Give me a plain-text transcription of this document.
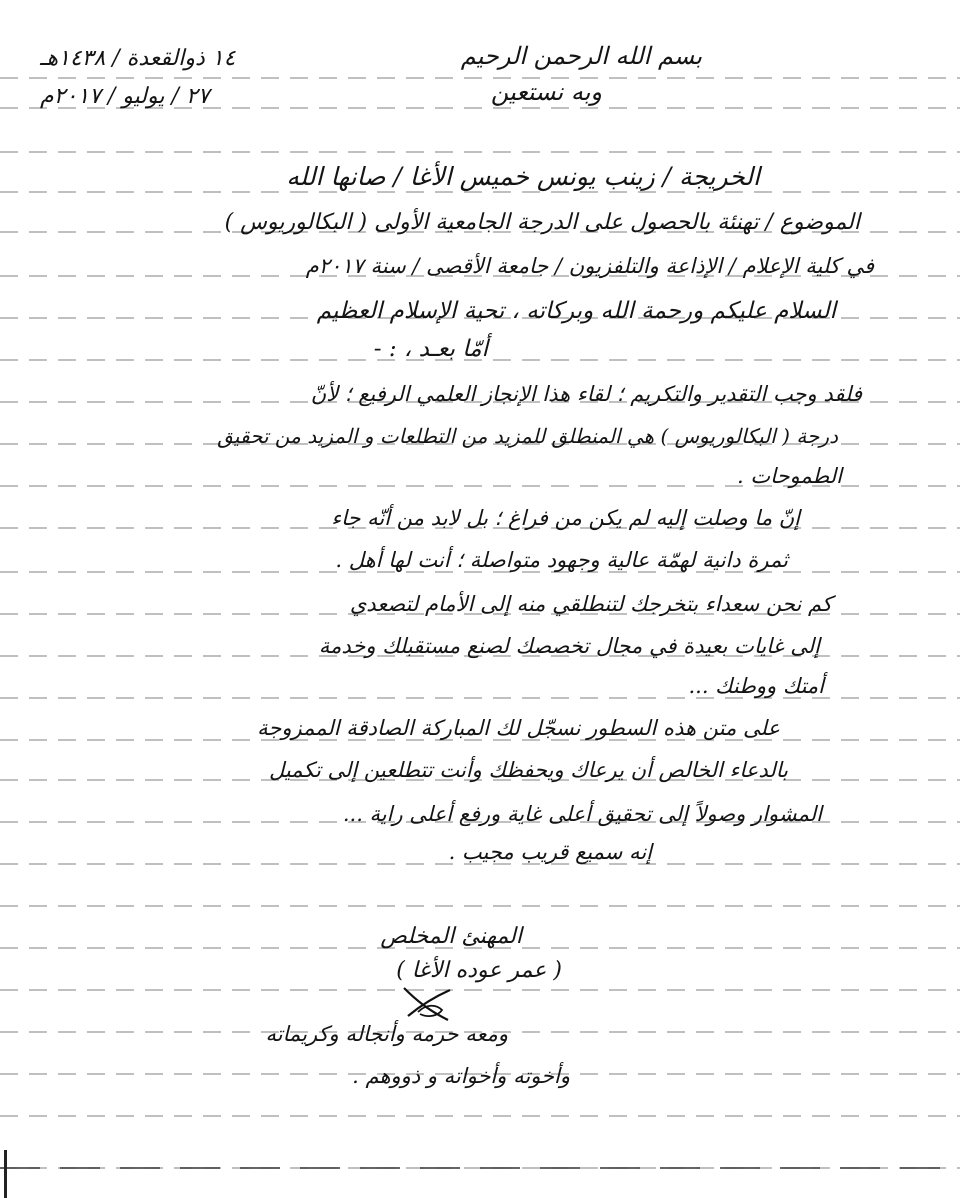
بسم الله الرحمن الرحيم
وبه نستعين
١٤ ذوالقعدة / ١٤٣٨هـ
٢٧ / يوليو / ٢٠١٧م
الخريجة / زينب يونس خميس الأغا / صانها الله
الموضوع / تهنئة بالحصول على الدرجة الجامعية الأولى ( البكالوريوس )
في كلية الإعلام / الإذاعة والتلفزيون / جامعة الأقصى / سنة ٢٠١٧م
السلام عليكم ورحمة الله وبركاته ، تحية الإسلام العظيم
أمّا بعـد ، : -
فلقد وجب التقدير والتكريم ؛ لقاء هذا الإنجاز العلمي الرفيع ؛ لأنّ
درجة ( البكالوريوس ) هي المنطلق للمزيد من التطلعات و المزيد من تحقيق
الطموحات .
إنّ ما وصلت إليه لم يكن من فراغ ؛ بل لابد من أنّه جاء
ثمرة دانية لهمّة عالية وجهود متواصلة ؛ أنت لها أهل .
كم نحن سعداء بتخرجك لتنطلقي منه إلى الأمام لتصعدي
إلى غايات بعيدة في مجال تخصصك لصنع مستقبلك وخدمة
أمتك ووطنك ...
على متن هذه السطور نسجّل لك المباركة الصادقة الممزوجة
بالدعاء الخالص أن يرعاك ويحفظك وأنت تتطلعين إلى تكميل
المشوار وصولاً إلى تحقيق أعلى غاية ورفع أعلى راية ...
إنه سميع قريب مجيب .
المهنئ المخلص
( عمر عوده الأغا )
ومعه حرمه وأنجاله وكريماته
وأخوته وأخواته و ذووهم .
